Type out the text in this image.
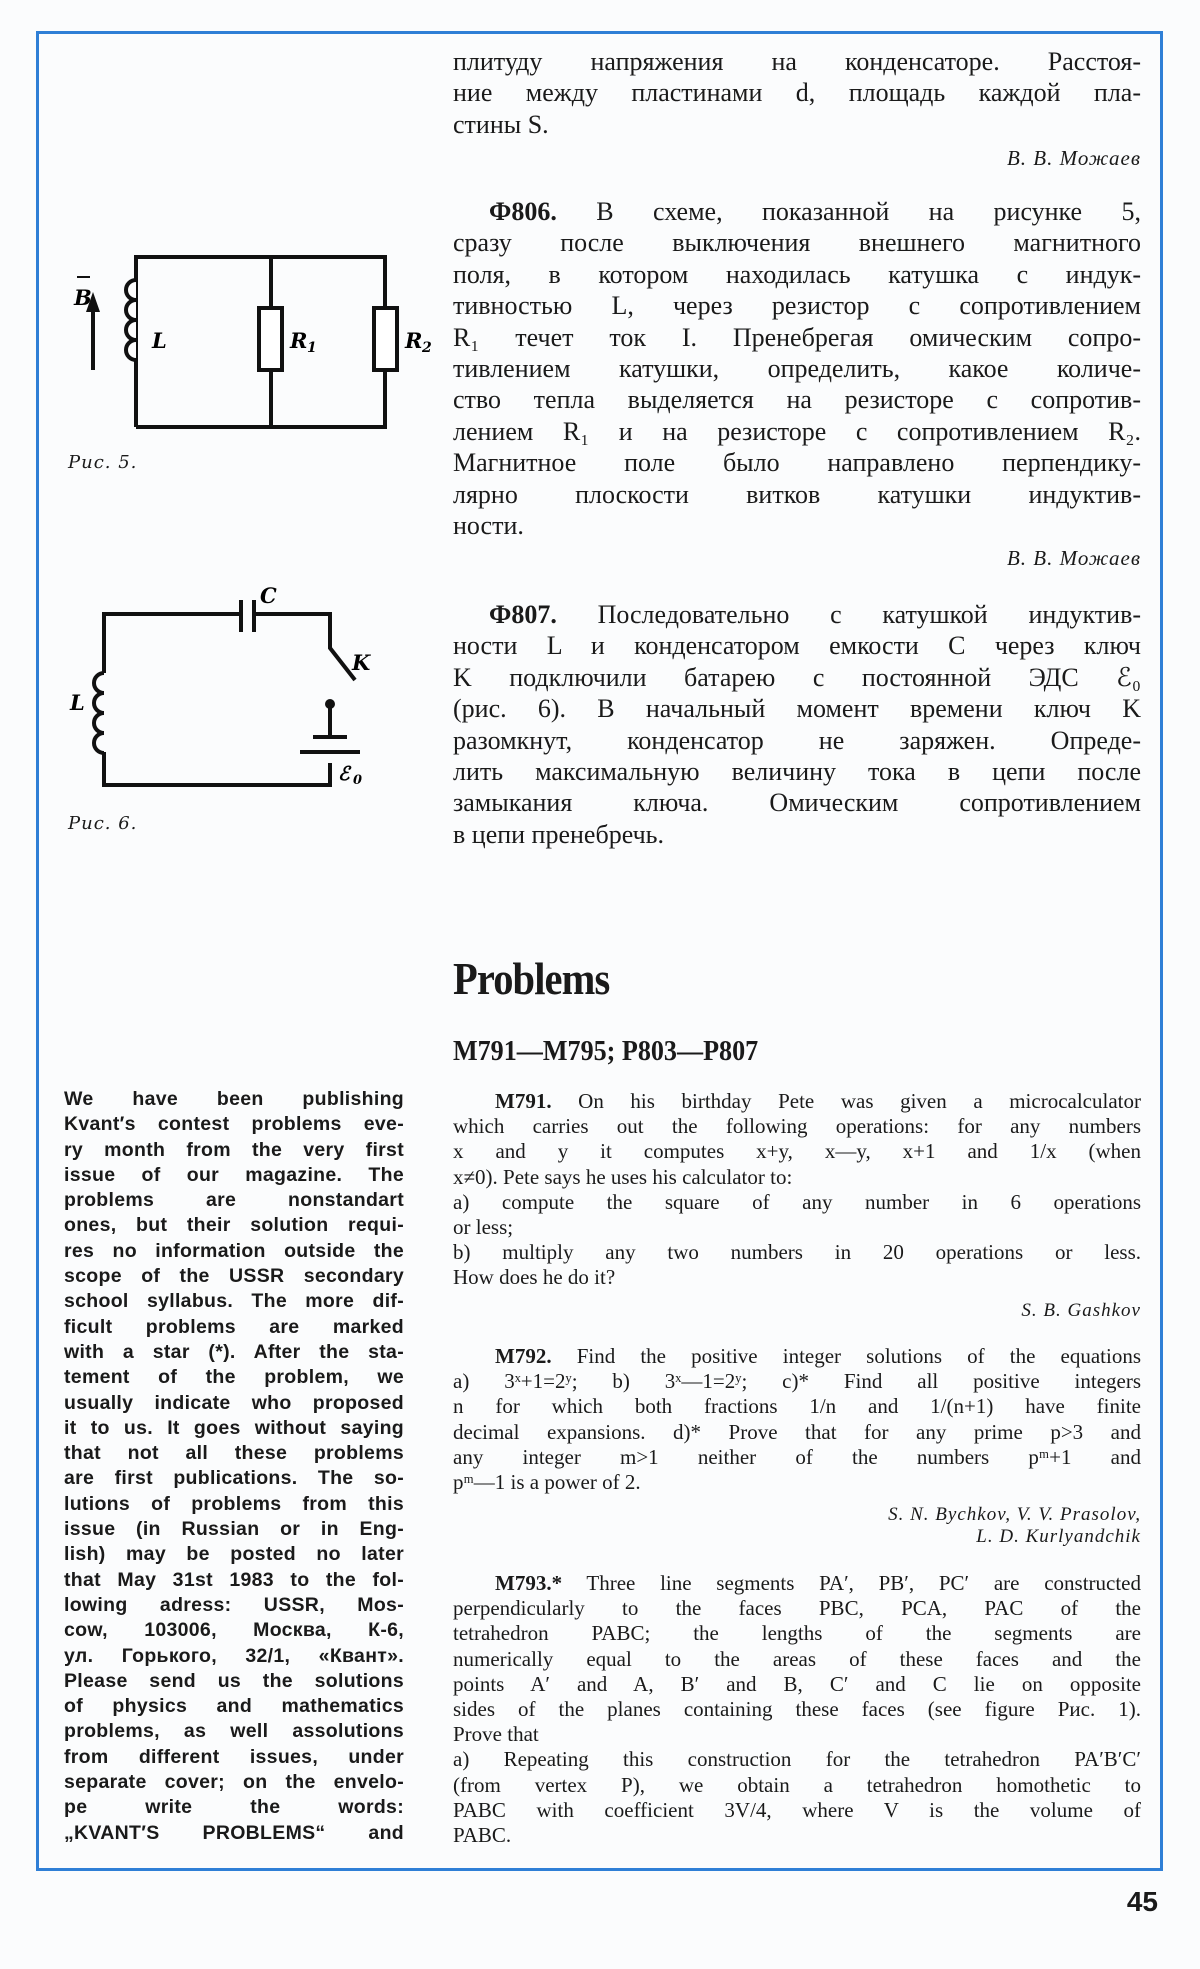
плитуду напряжения на конденсаторе. Расстоя-
ние между пластинами d, площадь каждой пла-
стины S.
В. В. Можаев
Ф806. В схеме, показанной на рисунке 5,
сразу после выключения внешнего магнитного
поля, в котором находилась катушка с индук-
тивностью L, через резистор с сопротивлением
R₁ течет ток I. Пренебрегая омическим сопро-
тивлением катушки, определить, какое количе-
ство тепла выделяется на резисторе с сопротив-
лением R₁ и на резисторе с сопротивлением R₂.
Магнитное поле было направлено перпендику-
лярно плоскости витков катушки индуктив-
ности.
В. В. Можаев
Ф807. Последовательно с катушкой индуктив-
ности L и конденсатором емкости C через ключ
K подключили батарею с постоянной ЭДС ℰ₀
(рис. 6). В начальный момент времени ключ K
разомкнут, конденсатор не заряжен. Опреде-
лить максимальную величину тока в цепи после
замыкания ключа. Омическим сопротивлением
в цепи пренебречь.
B
L	R 1	R 2
Рис. 5.
C
K
L
ℰ 0
Рис. 6.
Problems
M791—M795; P803—P807
M791. On his birthday Pete was given a microcalculator
which carries out the following operations: for any numbers
x and y it computes x+y, x—y, x+1 and 1/x (when
x≠0). Pete says he uses his calculator to:
a) compute the square of any number in 6 operations
or less;
b) multiply any two numbers in 20 operations or less.
How does he do it?
S. B. Gashkov
M792. Find the positive integer solutions of the equations
a) 3ˣ+1=2ʸ; b) 3ˣ—1=2ʸ; c)* Find all positive integers
n for which both fractions 1/n and 1/(n+1) have finite
decimal expansions. d)* Prove that for any prime p>3 and
any integer m>1 neither of the numbers pᵐ+1 and
pᵐ—1 is a power of 2.
S. N. Bychkov, V. V. Prasolov,
L. D. Kurlyandchik
M793.* Three line segments PA′, PB′, PC′ are constructed
perpendicularly to the faces PBC, PCA, PAC of the
tetrahedron PABC; the lengths of the segments are
numerically equal to the areas of these faces and the
points A′ and A, B′ and B, C′ and C lie on opposite
sides of the planes containing these faces (see figure Рис. 1).
Prove that
a) Repeating this construction for the tetrahedron PA′B′C′
(from vertex P), we obtain a tetrahedron homothetic to
PABC with coefficient 3V/4, where V is the volume of
PABC.
We have been publishing
Kvant′s contest problems eve-
ry month from the very first
issue of our magazine. The
problems are nonstandart
ones, but their solution requi-
res no information outside the
scope of the USSR secondary
school syllabus. The more dif-
ficult problems are marked
with a star (*). After the sta-
tement of the problem, we
usually indicate who proposed
it to us. It goes without saying
that not all these problems
are first publications. The so-
lutions of problems from this
issue (in Russian or in Eng-
lish) may be posted no later
that May 31st 1983 to the fol-
lowing adress: USSR, Mos-
cow, 103006, Москва, К-6,
ул. Горького, 32/1, «Квант».
Please send us the solutions
of physics and mathematics
problems, as well assolutions
from different issues, under
separate cover; on the envelo-
pe write the words:
„KVANT′S PROBLEMS“ and
45
